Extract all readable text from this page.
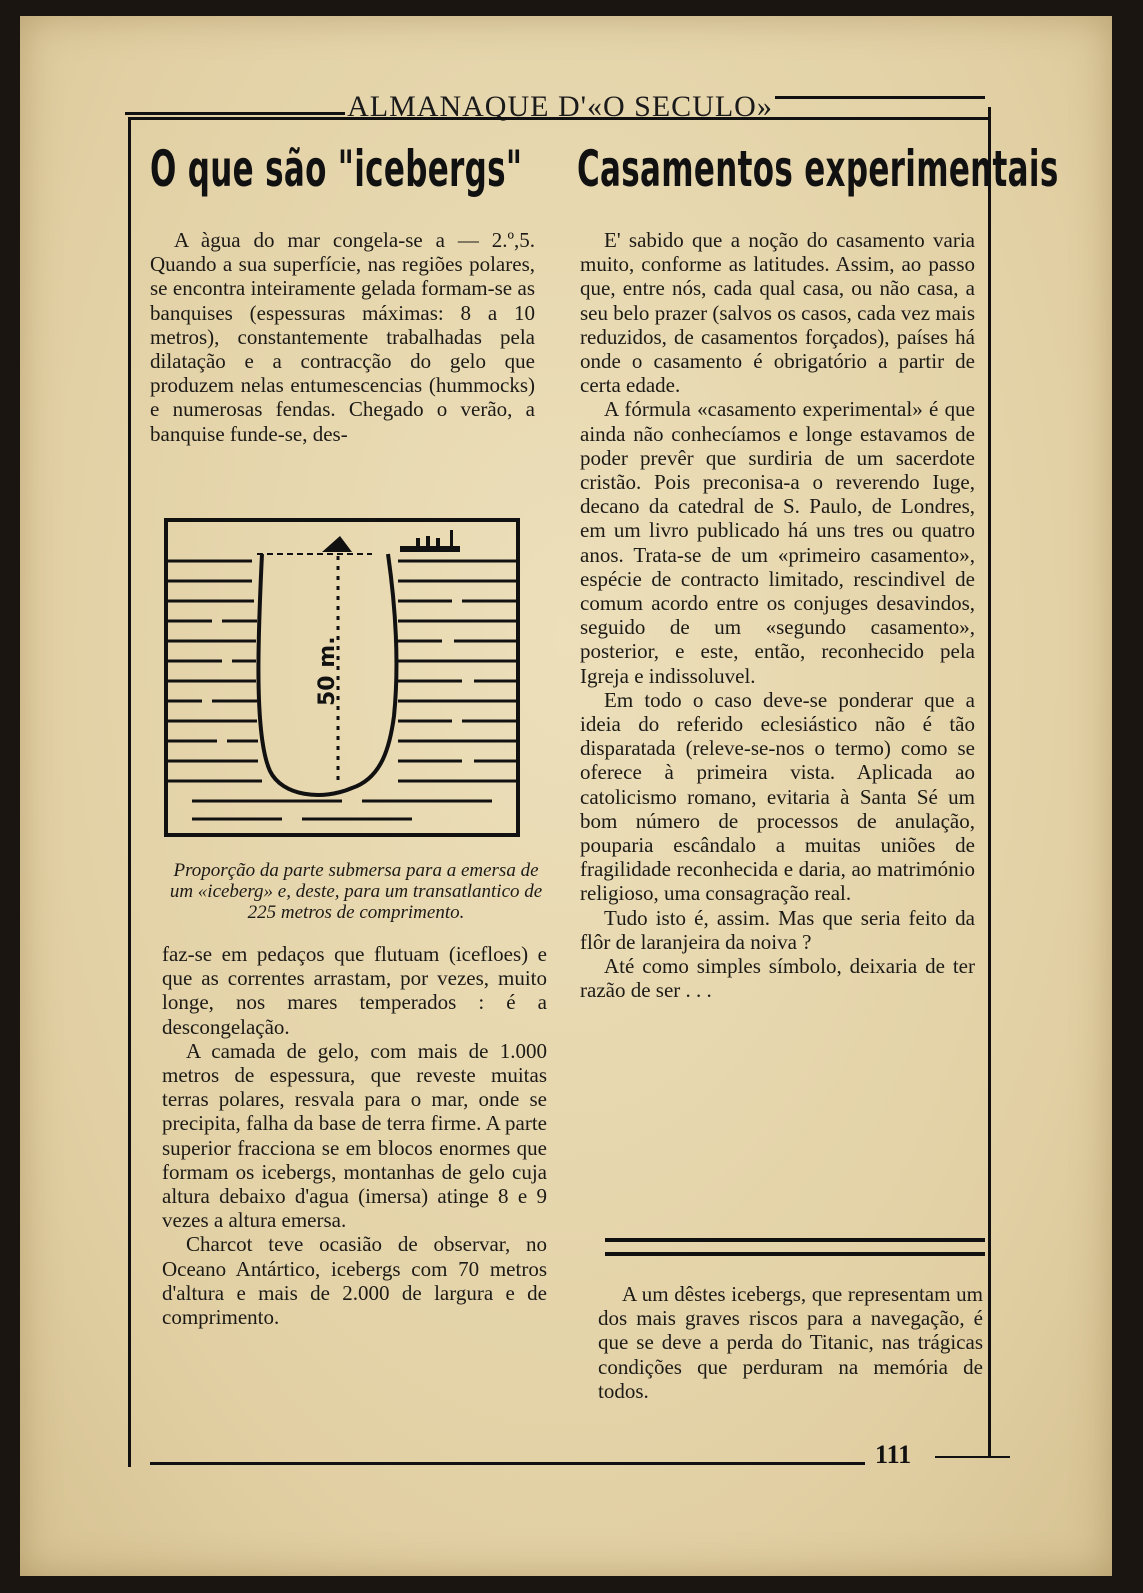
ALMANAQUE D'«O SECULO»
111
O que são "icebergs"

A àgua do mar congela-se a — 2.º,5. Quando a sua superfície, nas regiões polares, se encontra inteiramente gelada formam-se as banquises (espessuras máximas: 8 a 10 metros), constantemente trabalhadas pela dilatação e a contracção do gelo que produzem nelas entumescencias (hummocks) e numerosas fendas. Chegado o verão, a banquise funde-se, des-

50 m.
Proporção da parte submersa para a emersa de um «iceberg» e, deste, para um transatlantico de 225 metros de comprimento.

faz-se em pedaços que flutuam (icefloes) e que as correntes arrastam, por vezes, muito longe, nos mares temperados : é a descongelação.

A camada de gelo, com mais de 1.000 metros de espessura, que reveste muitas terras polares, resvala para o mar, onde se precipita, falha da base de terra firme. A parte superior fracciona se em blocos enormes que formam os icebergs, montanhas de gelo cuja altura debaixo d'agua (imersa) atinge 8 e 9 vezes a altura emersa.

Charcot teve ocasião de observar, no Oceano Antártico, icebergs com 70 metros d'altura e mais de 2.000 de largura e de comprimento.

Casamentos experimentais

E' sabido que a noção do casamento varia muito, conforme as latitudes. Assim, ao passo que, entre nós, cada qual casa, ou não casa, a seu belo prazer (salvos os casos, cada vez mais reduzidos, de casamentos forçados), países há onde o casamento é obrigatório a partir de certa edade.

A fórmula «casamento experimental» é que ainda não conhecíamos e longe estavamos de poder prevêr que surdiria de um sacerdote cristão. Pois preconisa-a o reverendo Iuge, decano da catedral de S. Paulo, de Londres, em um livro publicado há uns tres ou quatro anos. Trata-se de um «primeiro casamento», espécie de contracto limitado, rescindivel de comum acordo entre os conjuges desavindos, seguido de um «segundo casamento», posterior, e este, então, reconhecido pela Igreja e indissoluvel.

Em todo o caso deve-se ponderar que a ideia do referido eclesiástico não é tão disparatada (releve-se-nos o termo) como se oferece à primeira vista. Aplicada ao catolicismo romano, evitaria à Santa Sé um bom número de processos de anulação, pouparia escândalo a muitas uniões de fragilidade reconhecida e daria, ao matrimónio religioso, uma consagração real.

Tudo isto é, assim. Mas que seria feito da flôr de laranjeira da noiva ?

Até como simples símbolo, deixaria de ter razão de ser . . .

A um dêstes icebergs, que representam um dos mais graves riscos para a navegação, é que se deve a perda do Titanic, nas trágicas condições que perduram na memória de todos.
